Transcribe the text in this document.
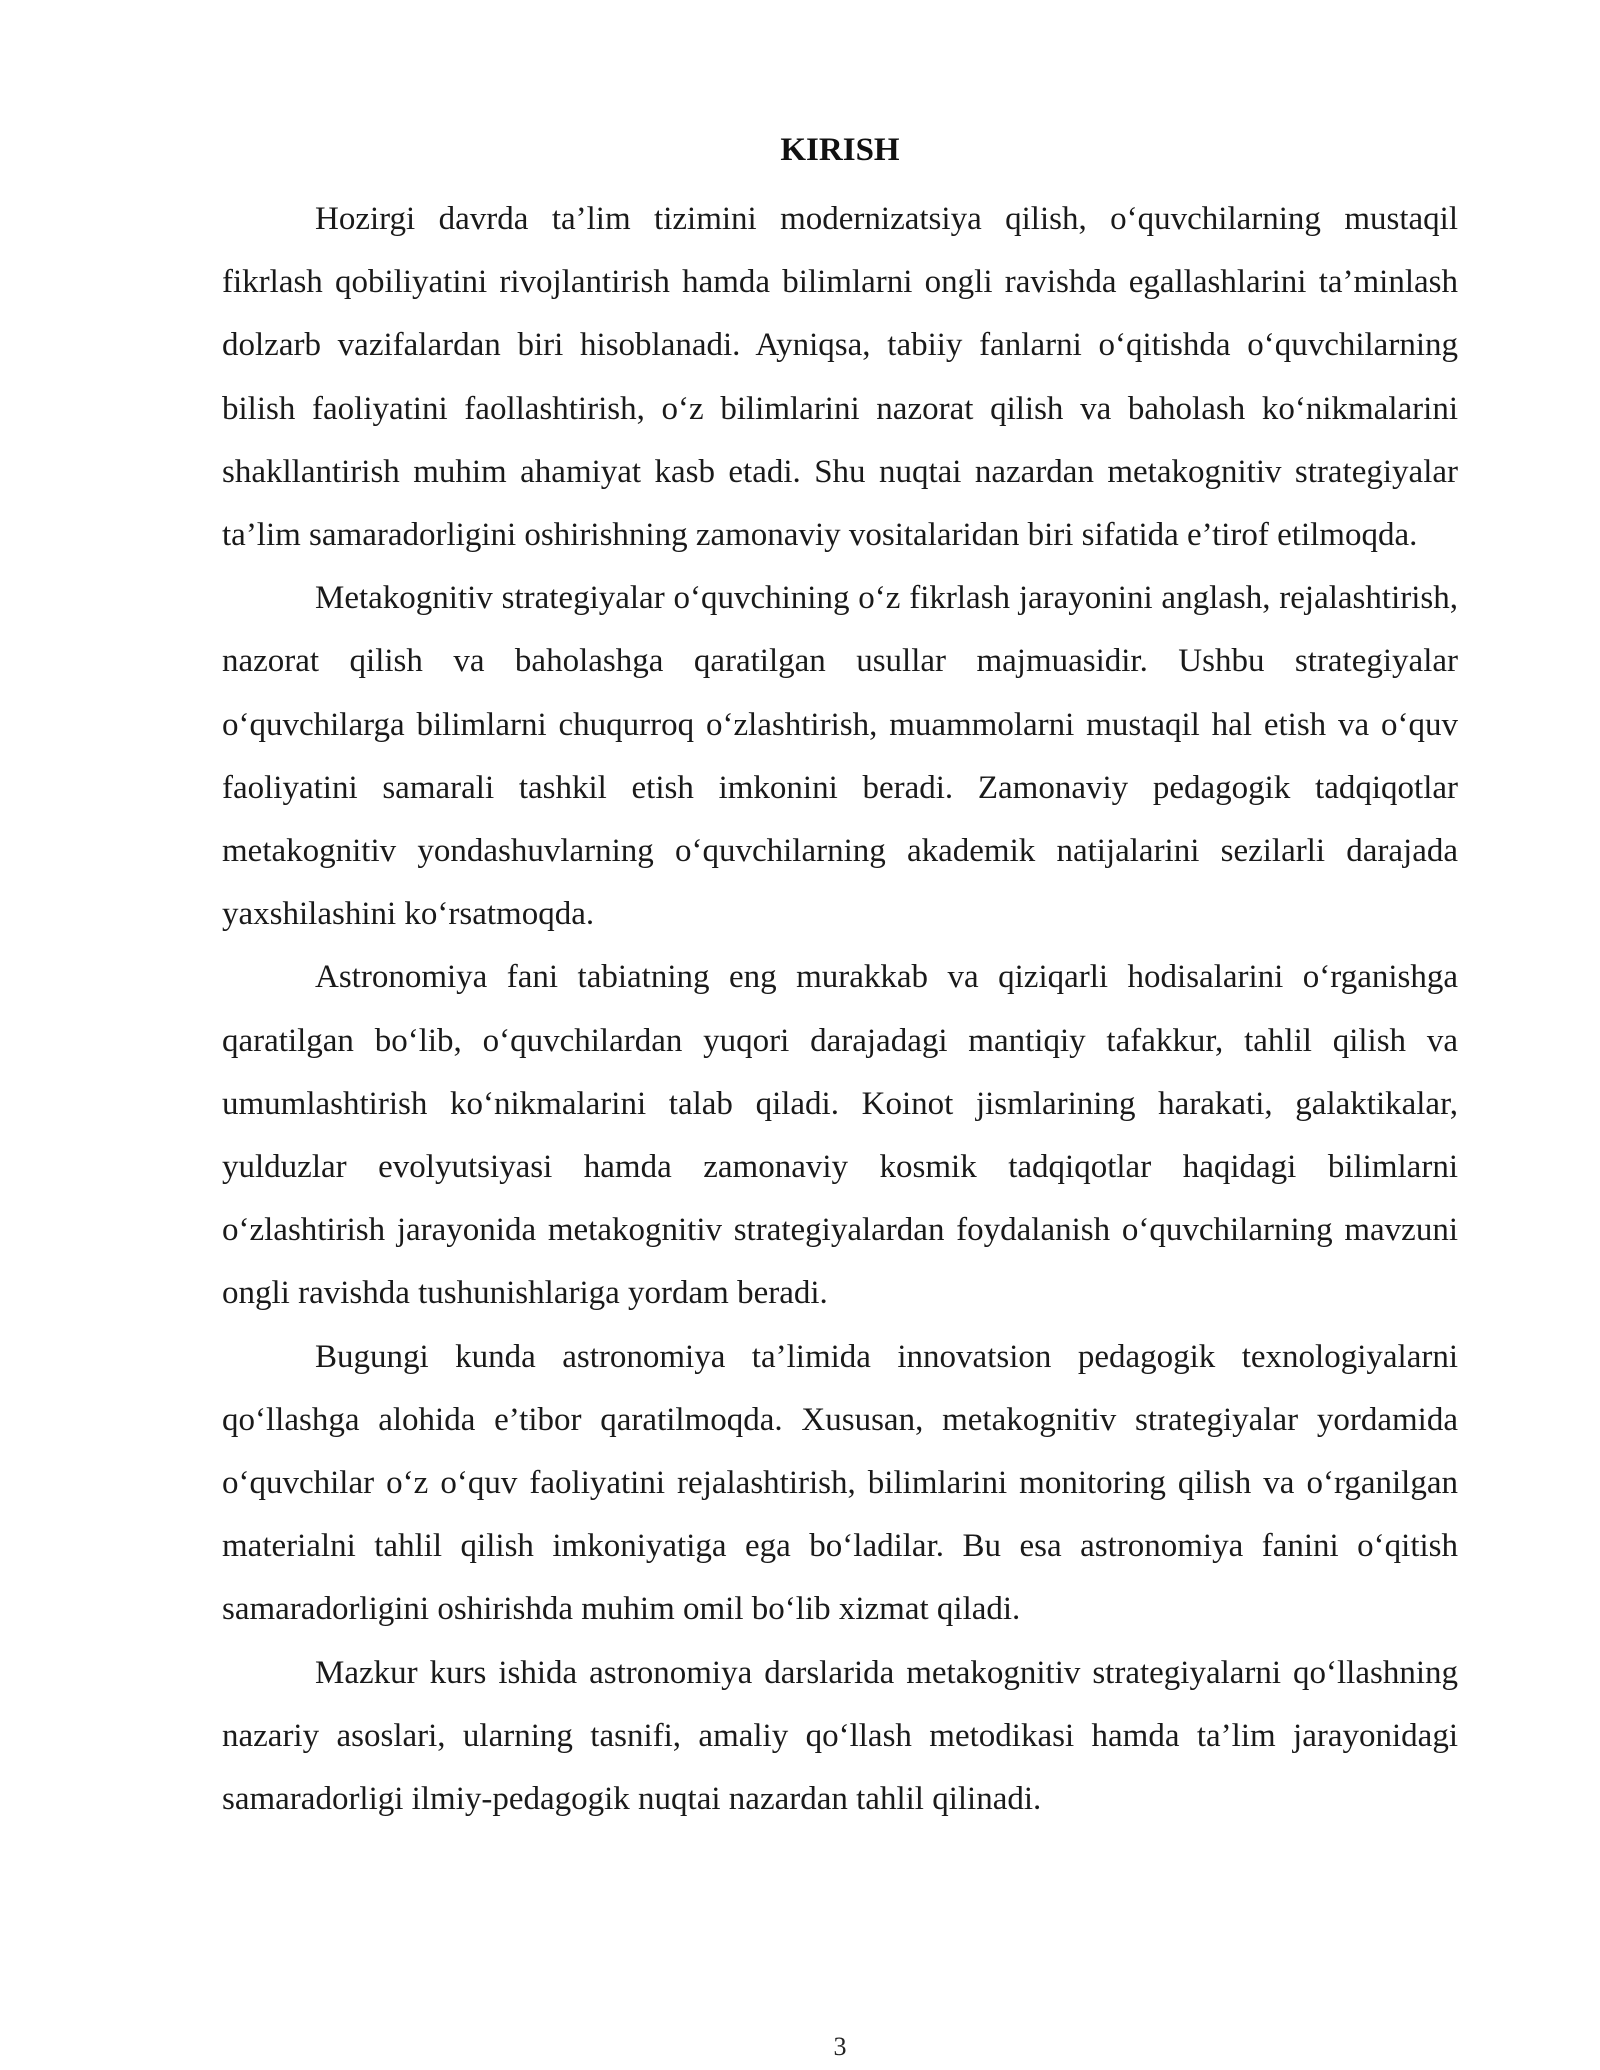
KIRISH

Hozirgi davrda ta’lim tizimini modernizatsiya qilish, o‘quvchilarning mustaqil fikrlash qobiliyatini rivojlantirish hamda bilimlarni ongli ravishda egallashlarini ta’minlash dolzarb vazifalardan biri hisoblanadi. Ayniqsa, tabiiy fanlarni o‘qitishda o‘quvchilarning bilish faoliyatini faollashtirish, o‘z bilimlarini nazorat qilish va baholash ko‘nikmalarini shakllantirish muhim ahamiyat kasb etadi. Shu nuqtai nazardan metakognitiv strategiyalar ta’lim samaradorligini oshirishning zamonaviy vositalaridan biri sifatida e’tirof etilmoqda.

Metakognitiv strategiyalar o‘quvchining o‘z fikrlash jarayonini anglash, rejalashtirish, nazorat qilish va baholashga qaratilgan usullar majmuasidir. Ushbu strategiyalar o‘quvchilarga bilimlarni chuqurroq o‘zlashtirish, muammolarni mustaqil hal etish va o‘quv faoliyatini samarali tashkil etish imkonini beradi. Zamonaviy pedagogik tadqiqotlar metakognitiv yondashuvlarning o‘quvchilarning akademik natijalarini sezilarli darajada yaxshilashini ko‘rsatmoqda.

Astronomiya fani tabiatning eng murakkab va qiziqarli hodisalarini o‘rganishga qaratilgan bo‘lib, o‘quvchilardan yuqori darajadagi mantiqiy tafakkur, tahlil qilish va umumlashtirish ko‘nikmalarini talab qiladi. Koinot jismlarining harakati, galaktikalar, yulduzlar evolyutsiyasi hamda zamonaviy kosmik tadqiqotlar haqidagi bilimlarni o‘zlashtirish jarayonida metakognitiv strategiyalardan foydalanish o‘quvchilarning mavzuni ongli ravishda tushunishlariga yordam beradi.

Bugungi kunda astronomiya ta’limida innovatsion pedagogik texnologiyalarni qo‘llashga alohida e’tibor qaratilmoqda. Xususan, metakognitiv strategiyalar yordamida o‘quvchilar o‘z o‘quv faoliyatini rejalashtirish, bilimlarini monitoring qilish va o‘rganilgan materialni tahlil qilish imkoniyatiga ega bo‘ladilar. Bu esa astronomiya fanini o‘qitish samaradorligini oshirishda muhim omil bo‘lib xizmat qiladi.

Mazkur kurs ishida astronomiya darslarida metakognitiv strategiyalarni qo‘llashning nazariy asoslari, ularning tasnifi, amaliy qo‘llash metodikasi hamda ta’lim jarayonidagi samaradorligi ilmiy-pedagogik nuqtai nazardan tahlil qilinadi.

3
